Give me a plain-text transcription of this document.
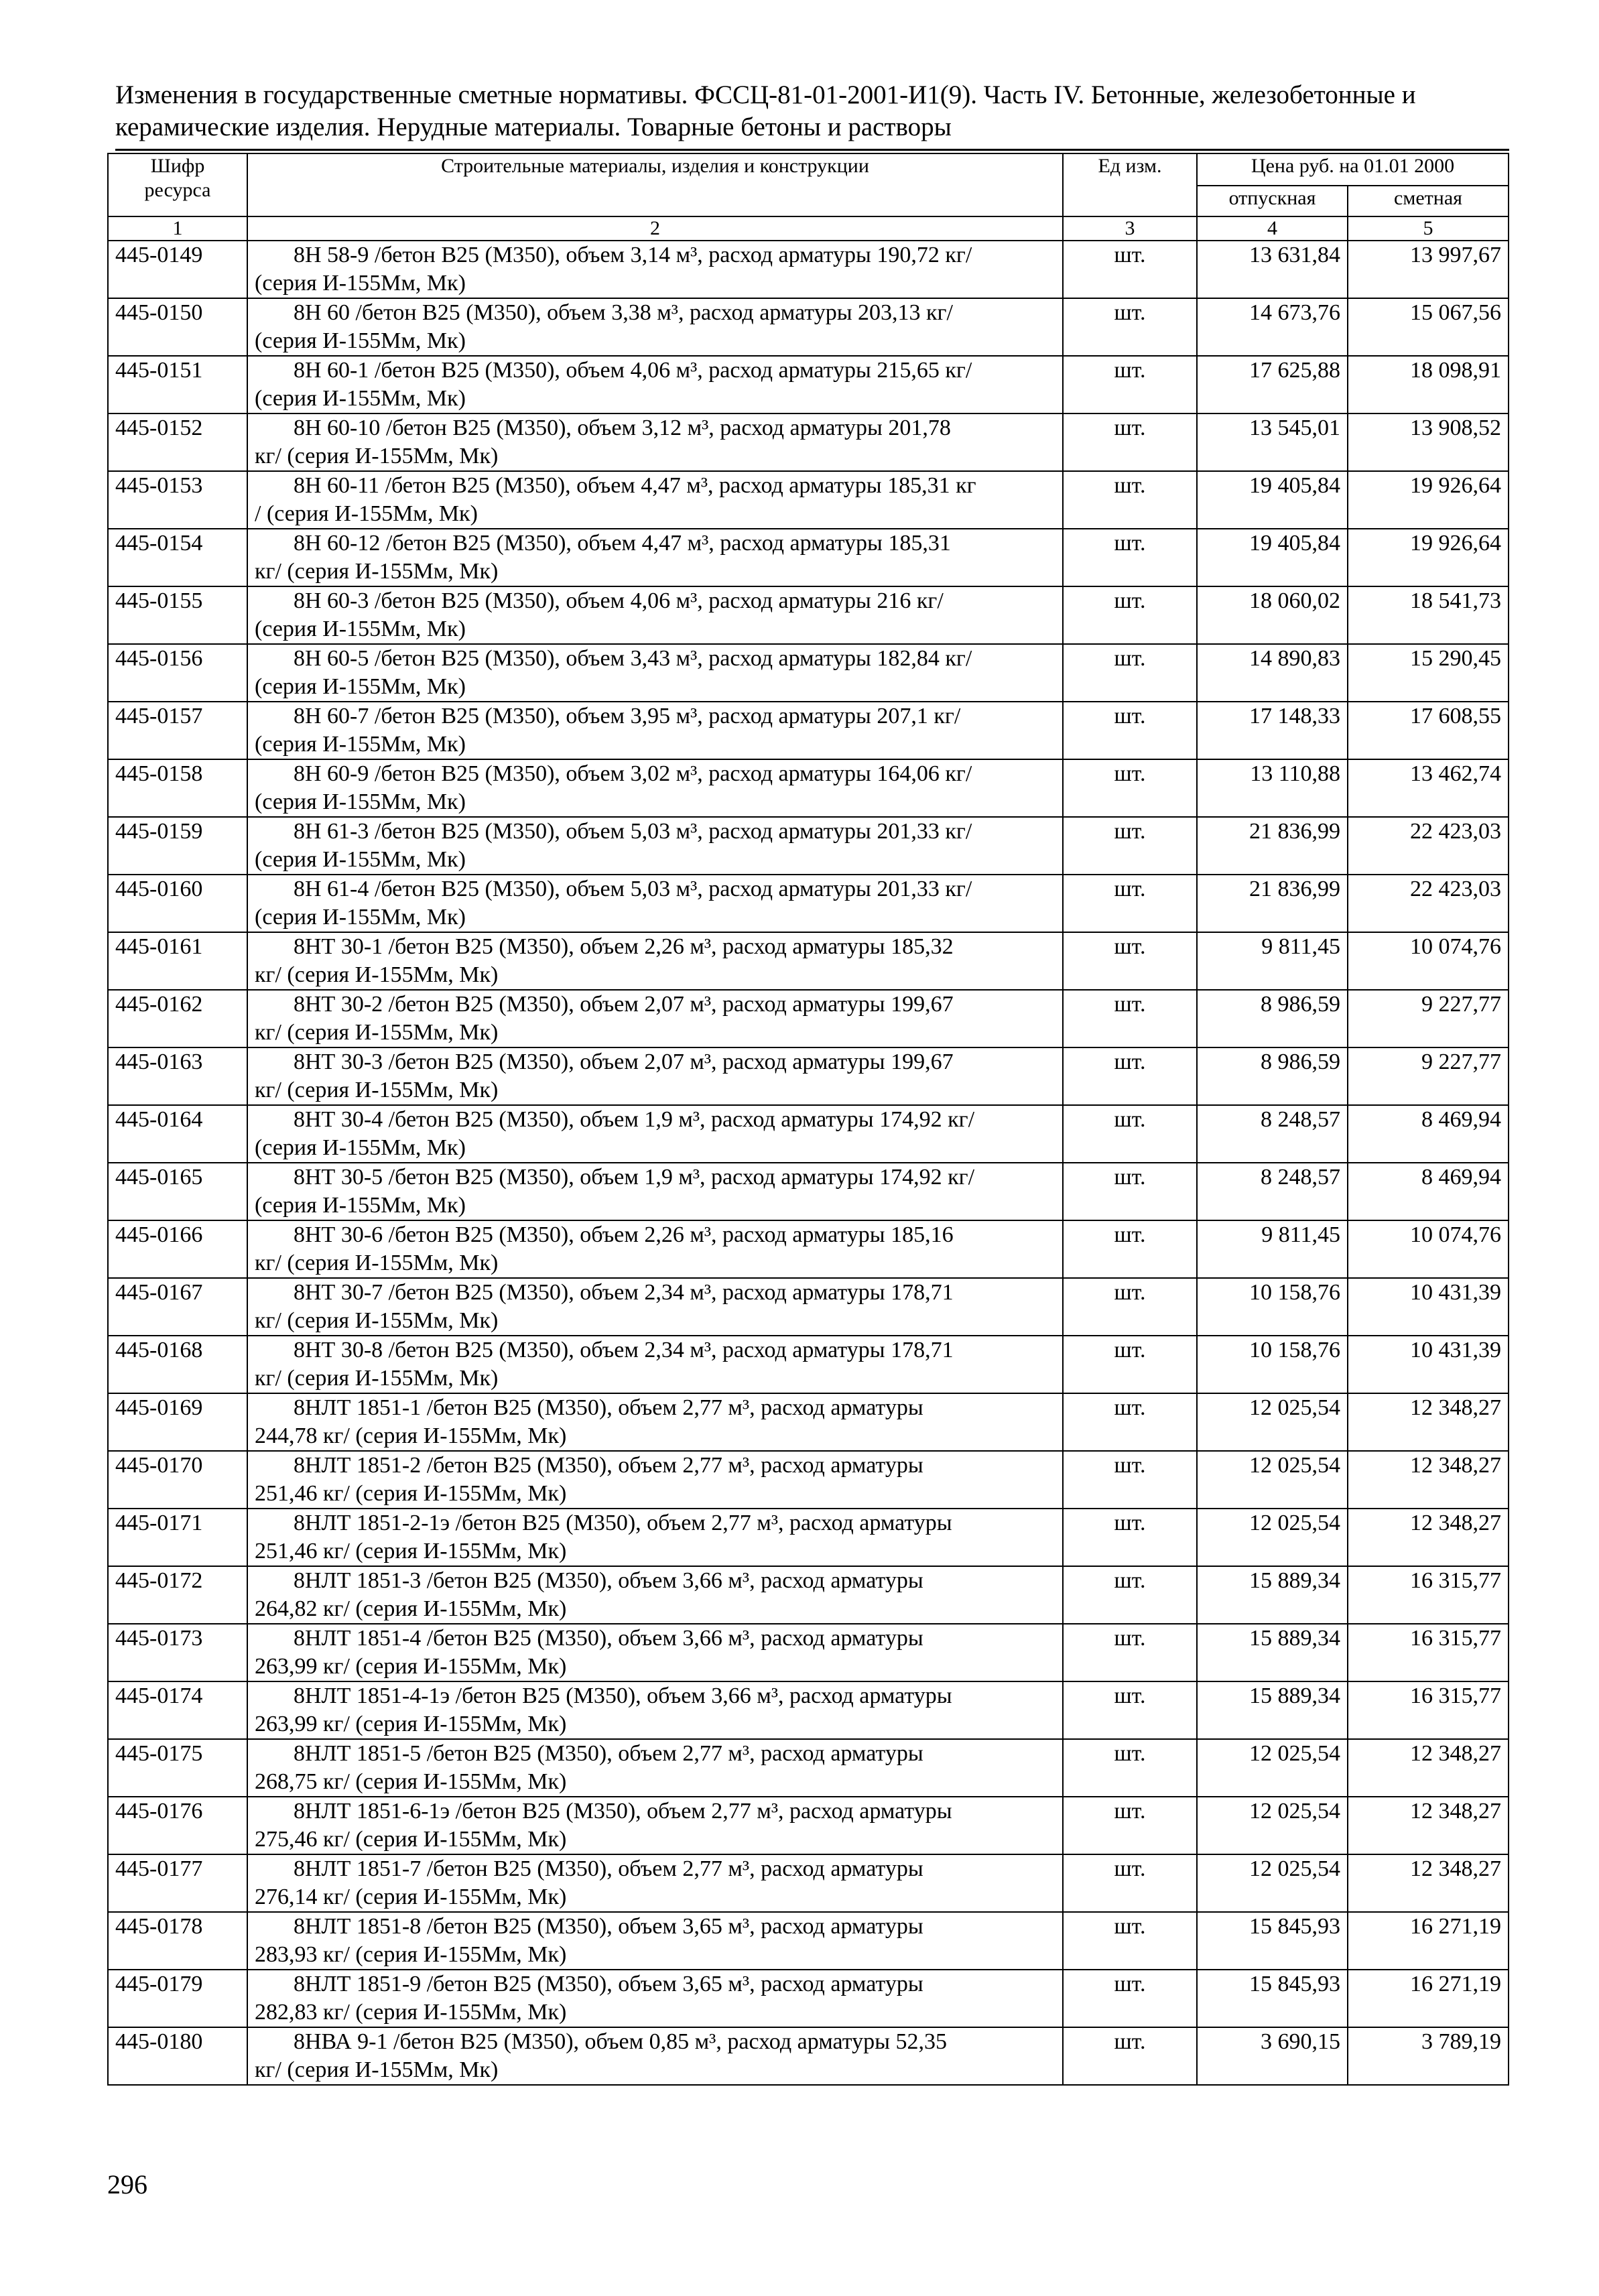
Изменения в государственные сметные нормативы. ФССЦ-81-01-2001-И1(9). Часть IV. Бетонные, железобетонные и
керамические изделия. Нерудные материалы. Товарные бетоны и растворы
Шифр ресурса	Строительные материалы, изделия и конструкции	Ед изм.	Цена руб. на 01.01 2000	
			отпускная	сметная
1	2	3	4	5
445-0149	8Н 58-9 /бетон В25 (М350), объем 3,14 м³, расход арматуры 190,72 кг/
(серия И-155Мм, Мк)	шт.	13 631,84	13 997,67
445-0150	8Н 60 /бетон В25 (М350), объем 3,38 м³, расход арматуры 203,13 кг/
(серия И-155Мм, Мк)	шт.	14 673,76	15 067,56
445-0151	8Н 60-1 /бетон В25 (М350), объем 4,06 м³, расход арматуры 215,65 кг/
(серия И-155Мм, Мк)	шт.	17 625,88	18 098,91
445-0152	8Н 60-10 /бетон В25 (М350), объем 3,12 м³, расход арматуры 201,78
кг/ (серия И-155Мм, Мк)	шт.	13 545,01	13 908,52
445-0153	8Н 60-11 /бетон В25 (М350), объем 4,47 м³, расход арматуры 185,31 кг
/ (серия И-155Мм, Мк)	шт.	19 405,84	19 926,64
445-0154	8Н 60-12 /бетон В25 (М350), объем 4,47 м³, расход арматуры 185,31
кг/ (серия И-155Мм, Мк)	шт.	19 405,84	19 926,64
445-0155	8Н 60-3 /бетон В25 (М350), объем 4,06 м³, расход арматуры 216 кг/
(серия И-155Мм, Мк)	шт.	18 060,02	18 541,73
445-0156	8Н 60-5 /бетон В25 (М350), объем 3,43 м³, расход арматуры 182,84 кг/
(серия И-155Мм, Мк)	шт.	14 890,83	15 290,45
445-0157	8Н 60-7 /бетон В25 (М350), объем 3,95 м³, расход арматуры 207,1 кг/
(серия И-155Мм, Мк)	шт.	17 148,33	17 608,55
445-0158	8Н 60-9 /бетон В25 (М350), объем 3,02 м³, расход арматуры 164,06 кг/
(серия И-155Мм, Мк)	шт.	13 110,88	13 462,74
445-0159	8Н 61-3 /бетон В25 (М350), объем 5,03 м³, расход арматуры 201,33 кг/
(серия И-155Мм, Мк)	шт.	21 836,99	22 423,03
445-0160	8Н 61-4 /бетон В25 (М350), объем 5,03 м³, расход арматуры 201,33 кг/
(серия И-155Мм, Мк)	шт.	21 836,99	22 423,03
445-0161	8НТ 30-1 /бетон В25 (М350), объем 2,26 м³, расход арматуры 185,32
кг/ (серия И-155Мм, Мк)	шт.	9 811,45	10 074,76
445-0162	8НТ 30-2 /бетон В25 (М350), объем 2,07 м³, расход арматуры 199,67
кг/ (серия И-155Мм, Мк)	шт.	8 986,59	9 227,77
445-0163	8НТ 30-3 /бетон В25 (М350), объем 2,07 м³, расход арматуры 199,67
кг/ (серия И-155Мм, Мк)	шт.	8 986,59	9 227,77
445-0164	8НТ 30-4 /бетон В25 (М350), объем 1,9 м³, расход арматуры 174,92 кг/
(серия И-155Мм, Мк)	шт.	8 248,57	8 469,94
445-0165	8НТ 30-5 /бетон В25 (М350), объем 1,9 м³, расход арматуры 174,92 кг/
(серия И-155Мм, Мк)	шт.	8 248,57	8 469,94
445-0166	8НТ 30-6 /бетон В25 (М350), объем 2,26 м³, расход арматуры 185,16
кг/ (серия И-155Мм, Мк)	шт.	9 811,45	10 074,76
445-0167	8НТ 30-7 /бетон В25 (М350), объем 2,34 м³, расход арматуры 178,71
кг/ (серия И-155Мм, Мк)	шт.	10 158,76	10 431,39
445-0168	8НТ 30-8 /бетон В25 (М350), объем 2,34 м³, расход арматуры 178,71
кг/ (серия И-155Мм, Мк)	шт.	10 158,76	10 431,39
445-0169	8НЛТ 1851-1 /бетон В25 (М350), объем 2,77 м³, расход арматуры
244,78 кг/ (серия И-155Мм, Мк)	шт.	12 025,54	12 348,27
445-0170	8НЛТ 1851-2 /бетон В25 (М350), объем 2,77 м³, расход арматуры
251,46 кг/ (серия И-155Мм, Мк)	шт.	12 025,54	12 348,27
445-0171	8НЛТ 1851-2-1э /бетон В25 (М350), объем 2,77 м³, расход арматуры
251,46 кг/ (серия И-155Мм, Мк)	шт.	12 025,54	12 348,27
445-0172	8НЛТ 1851-3 /бетон В25 (М350), объем 3,66 м³, расход арматуры
264,82 кг/ (серия И-155Мм, Мк)	шт.	15 889,34	16 315,77
445-0173	8НЛТ 1851-4 /бетон В25 (М350), объем 3,66 м³, расход арматуры
263,99 кг/ (серия И-155Мм, Мк)	шт.	15 889,34	16 315,77
445-0174	8НЛТ 1851-4-1э /бетон В25 (М350), объем 3,66 м³, расход арматуры
263,99 кг/ (серия И-155Мм, Мк)	шт.	15 889,34	16 315,77
445-0175	8НЛТ 1851-5 /бетон В25 (М350), объем 2,77 м³, расход арматуры
268,75 кг/ (серия И-155Мм, Мк)	шт.	12 025,54	12 348,27
445-0176	8НЛТ 1851-6-1э /бетон В25 (М350), объем 2,77 м³, расход арматуры
275,46 кг/ (серия И-155Мм, Мк)	шт.	12 025,54	12 348,27
445-0177	8НЛТ 1851-7 /бетон В25 (М350), объем 2,77 м³, расход арматуры
276,14 кг/ (серия И-155Мм, Мк)	шт.	12 025,54	12 348,27
445-0178	8НЛТ 1851-8 /бетон В25 (М350), объем 3,65 м³, расход арматуры
283,93 кг/ (серия И-155Мм, Мк)	шт.	15 845,93	16 271,19
445-0179	8НЛТ 1851-9 /бетон В25 (М350), объем 3,65 м³, расход арматуры
282,83 кг/ (серия И-155Мм, Мк)	шт.	15 845,93	16 271,19
445-0180	8НВА 9-1 /бетон В25 (М350), объем 0,85 м³, расход арматуры 52,35
кг/ (серия И-155Мм, Мк)	шт.	3 690,15	3 789,19
296
